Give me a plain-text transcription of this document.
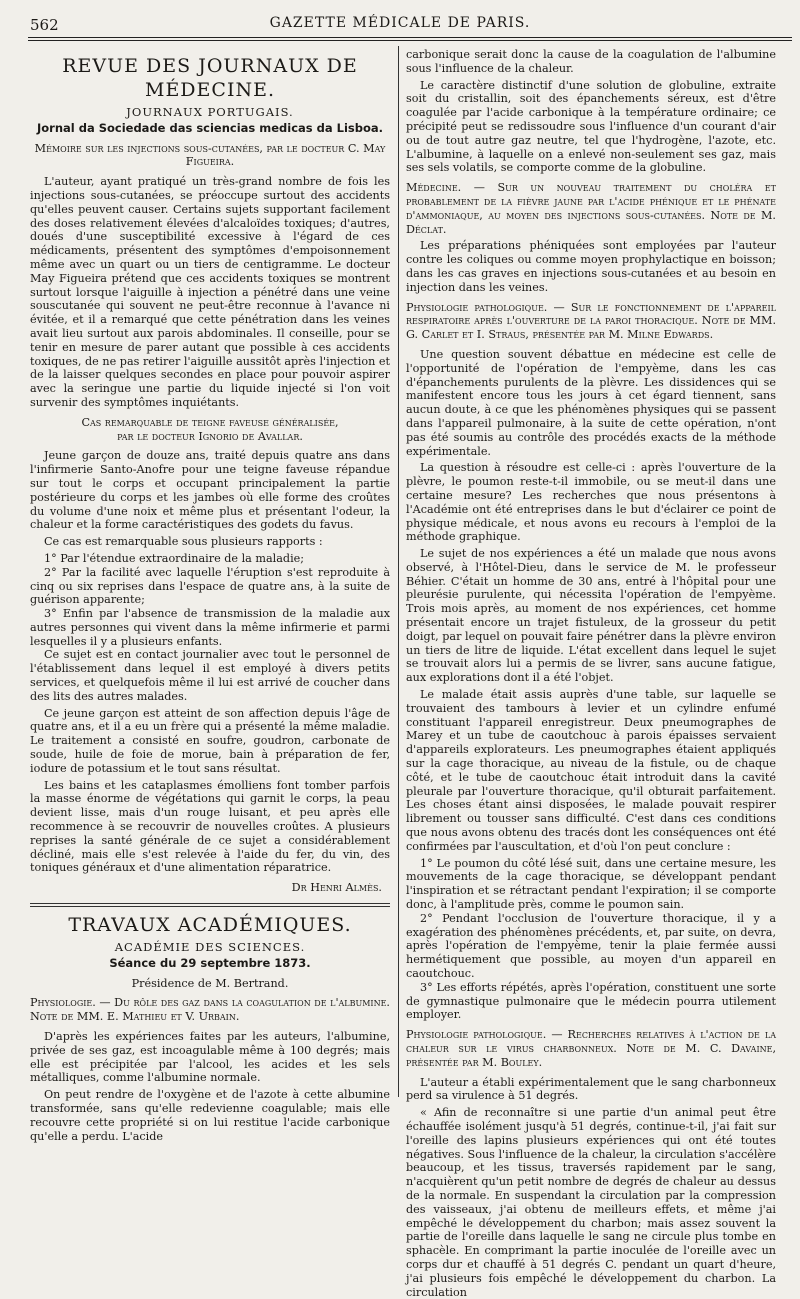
562	GAZETTE MÉDICALE DE PARIS.
REVUE DES JOURNAUX DE MÉDECINE.
JOURNAUX PORTUGAIS.
Jornal da Sociedade das sciencias medicas da Lisboa.
Mémoire sur les injections sous-cutanées, par le docteur C. May Figueira.

L'auteur, ayant pratiqué un très-grand nombre de fois les injections sous-cutanées, se préoccupe surtout des accidents qu'elles peuvent causer. Certains sujets supportant facilement des doses relativement élevées d'alcaloïdes toxiques; d'autres, doués d'une susceptibilité excessive à l'égard de ces médicaments, présentent des symptômes d'empoisonnement même avec un quart ou un tiers de centigramme. Le docteur May Figueira prétend que ces accidents toxiques se montrent surtout lorsque l'aiguille à injection a pénétré dans une veine souscutanée qui souvent ne peut-être reconnue à l'avance ni évitée, et il a remarqué que cette pénétration dans les veines avait lieu surtout aux parois abdominales. Il conseille, pour se tenir en mesure de parer autant que possible à ces accidents toxiques, de ne pas retirer l'aiguille aussitôt après l'injection et de la laisser quelques secondes en place pour pouvoir aspirer avec la seringue une partie du liquide injecté si l'on voit survenir des symptômes inquiétants.

Cas remarquable de teigne faveuse généralisée,
par le docteur Ignorio de Avallar.

Jeune garçon de douze ans, traité depuis quatre ans dans l'infirmerie Santo-Anofre pour une teigne faveuse répandue sur tout le corps et occupant principalement la partie postérieure du corps et les jambes où elle forme des croûtes du volume d'une noix et même plus et présentant l'odeur, la chaleur et la forme caractéristiques des godets du favus.

Ce cas est remarquable sous plusieurs rapports :

1° Par l'étendue extraordinaire de la maladie;
2° Par la facilité avec laquelle l'éruption s'est reproduite à cinq ou six reprises dans l'espace de quatre ans, à la suite de guérison apparente;
3° Enfin par l'absence de transmission de la maladie aux autres personnes qui vivent dans la même infirmerie et parmi lesquelles il y a plusieurs enfants.

Ce sujet est en contact journalier avec tout le personnel de l'établissement dans lequel il est employé à divers petits services, et quelquefois même il lui est arrivé de coucher dans des lits des autres malades.

Ce jeune garçon est atteint de son affection depuis l'âge de quatre ans, et il a eu un frère qui a présenté la même maladie. Le traitement a consisté en soufre, goudron, carbonate de soude, huile de foie de morue, bain à préparation de fer, iodure de potassium et le tout sans résultat.

Les bains et les cataplasmes émolliens font tomber parfois la masse énorme de végétations qui garnit le corps, la peau devient lisse, mais d'un rouge luisant, et peu après elle recommence à se recouvrir de nouvelles croûtes. A plusieurs reprises la santé générale de ce sujet a considérablement décliné, mais elle s'est relevée à l'aide du fer, du vin, des toniques généraux et d'une alimentation réparatrice.

Dr Henri Almès.
TRAVAUX ACADÉMIQUES.
ACADÉMIE DES SCIENCES.
Séance du 29 septembre 1873.
Présidence de M. Bertrand.

Physiologie. — Du rôle des gaz dans la coagulation de l'albumine. Note de MM. E. Mathieu et V. Urbain.

D'après les expériences faites par les auteurs, l'albumine, privée de ses gaz, est incoagulable même à 100 degrés; mais elle est précipitée par l'alcool, les acides et les sels métalliques, comme l'albumine normale.

On peut rendre de l'oxygène et de l'azote à cette albumine transformée, sans qu'elle redevienne coagulable; mais elle recouvre cette propriété si on lui restitue l'acide carbonique qu'elle a perdu. L'acide

carbonique serait donc la cause de la coagulation de l'albumine sous l'influence de la chaleur.

Le caractère distinctif d'une solution de globuline, extraite soit du cristallin, soit des épanchements séreux, est d'être coagulée par l'acide carbonique à la température ordinaire; ce précipité peut se redissoudre sous l'influence d'un courant d'air ou de tout autre gaz neutre, tel que l'hydrogène, l'azote, etc. L'albumine, à laquelle on a enlevé non-seulement ses gaz, mais ses sels volatils, se comporte comme de la globuline.

Médecine. — Sur un nouveau traitement du choléra et probablement de la fièvre jaune par l'acide phénique et le phénate d'ammoniaque, au moyen des injections sous-cutanées. Note de M. Déclat.

Les préparations phéniquées sont employées par l'auteur contre les coliques ou comme moyen prophylactique en boisson; dans les cas graves en injections sous-cutanées et au besoin en injection dans les veines.

Physiologie pathologique. — Sur le fonctionnement de l'appareil respiratoire après l'ouverture de la paroi thoracique. Note de MM. G. Carlet et I. Straus, présentée par M. Milne Edwards.

Une question souvent débattue en médecine est celle de l'opportunité de l'opération de l'empyème, dans les cas d'épanchements purulents de la plèvre. Les dissidences qui se manifestent encore tous les jours à cet égard tiennent, sans aucun doute, à ce que les phénomènes physiques qui se passent dans l'appareil pulmonaire, à la suite de cette opération, n'ont pas été soumis au contrôle des procédés exacts de la méthode expérimentale.

La question à résoudre est celle-ci : après l'ouverture de la plèvre, le poumon reste-t-il immobile, ou se meut-il dans une certaine mesure? Les recherches que nous présentons à l'Académie ont été entreprises dans le but d'éclairer ce point de physique médicale, et nous avons eu recours à l'emploi de la méthode graphique.

Le sujet de nos expériences a été un malade que nous avons observé, à l'Hôtel-Dieu, dans le service de M. le professeur Béhier. C'était un homme de 30 ans, entré à l'hôpital pour une pleurésie purulente, qui nécessita l'opération de l'empyème. Trois mois après, au moment de nos expériences, cet homme présentait encore un trajet fistuleux, de la grosseur du petit doigt, par lequel on pouvait faire pénétrer dans la plèvre environ un tiers de litre de liquide. L'état excellent dans lequel le sujet se trouvait alors lui a permis de se livrer, sans aucune fatigue, aux explorations dont il a été l'objet.

Le malade était assis auprès d'une table, sur laquelle se trouvaient des tambours à levier et un cylindre enfumé constituant l'appareil enregistreur. Deux pneumographes de Marey et un tube de caoutchouc à parois épaisses servaient d'appareils explorateurs. Les pneumographes étaient appliqués sur la cage thoracique, au niveau de la fistule, ou de chaque côté, et le tube de caoutchouc était introduit dans la cavité pleurale par l'ouverture thoracique, qu'il obturait parfaitement. Les choses étant ainsi disposées, le malade pouvait respirer librement ou tousser sans difficulté. C'est dans ces conditions que nous avons obtenu des tracés dont les conséquences ont été confirmées par l'auscultation, et d'où l'on peut conclure :

1° Le poumon du côté lésé suit, dans une certaine mesure, les mouvements de la cage thoracique, se développant pendant l'inspiration et se rétractant pendant l'expiration; il se comporte donc, à l'amplitude près, comme le poumon sain.
2° Pendant l'occlusion de l'ouverture thoracique, il y a exagération des phénomènes précédents, et, par suite, on devra, après l'opération de l'empyème, tenir la plaie fermée aussi hermétiquement que possible, au moyen d'un appareil en caoutchouc.
3° Les efforts répétés, après l'opération, constituent une sorte de gymnastique pulmonaire que le médecin pourra utilement employer.

Physiologie pathologique. — Recherches relatives à l'action de la chaleur sur le virus charbonneux. Note de M. C. Davaine, présentée par M. Bouley.

L'auteur a établi expérimentalement que le sang charbonneux perd sa virulence à 51 degrés.

« Afin de reconnaître si une partie d'un animal peut être échauffée isolément jusqu'à 51 degrés, continue-t-il, j'ai fait sur l'oreille des lapins plusieurs expériences qui ont été toutes négatives. Sous l'influence de la chaleur, la circulation s'accélère beaucoup, et les tissus, traversés rapidement par le sang, n'acquièrent qu'un petit nombre de degrés de chaleur au dessus de la normale. En suspendant la circulation par la compression des vaisseaux, j'ai obtenu de meilleurs effets, et même j'ai empêché le développement du charbon; mais assez souvent la partie de l'oreille dans laquelle le sang ne circule plus tombe en sphacèle. En comprimant la partie inoculée de l'oreille avec un corps dur et chauffé à 51 degrés C. pendant un quart d'heure, j'ai plusieurs fois empêché le développement du charbon. La circulation
